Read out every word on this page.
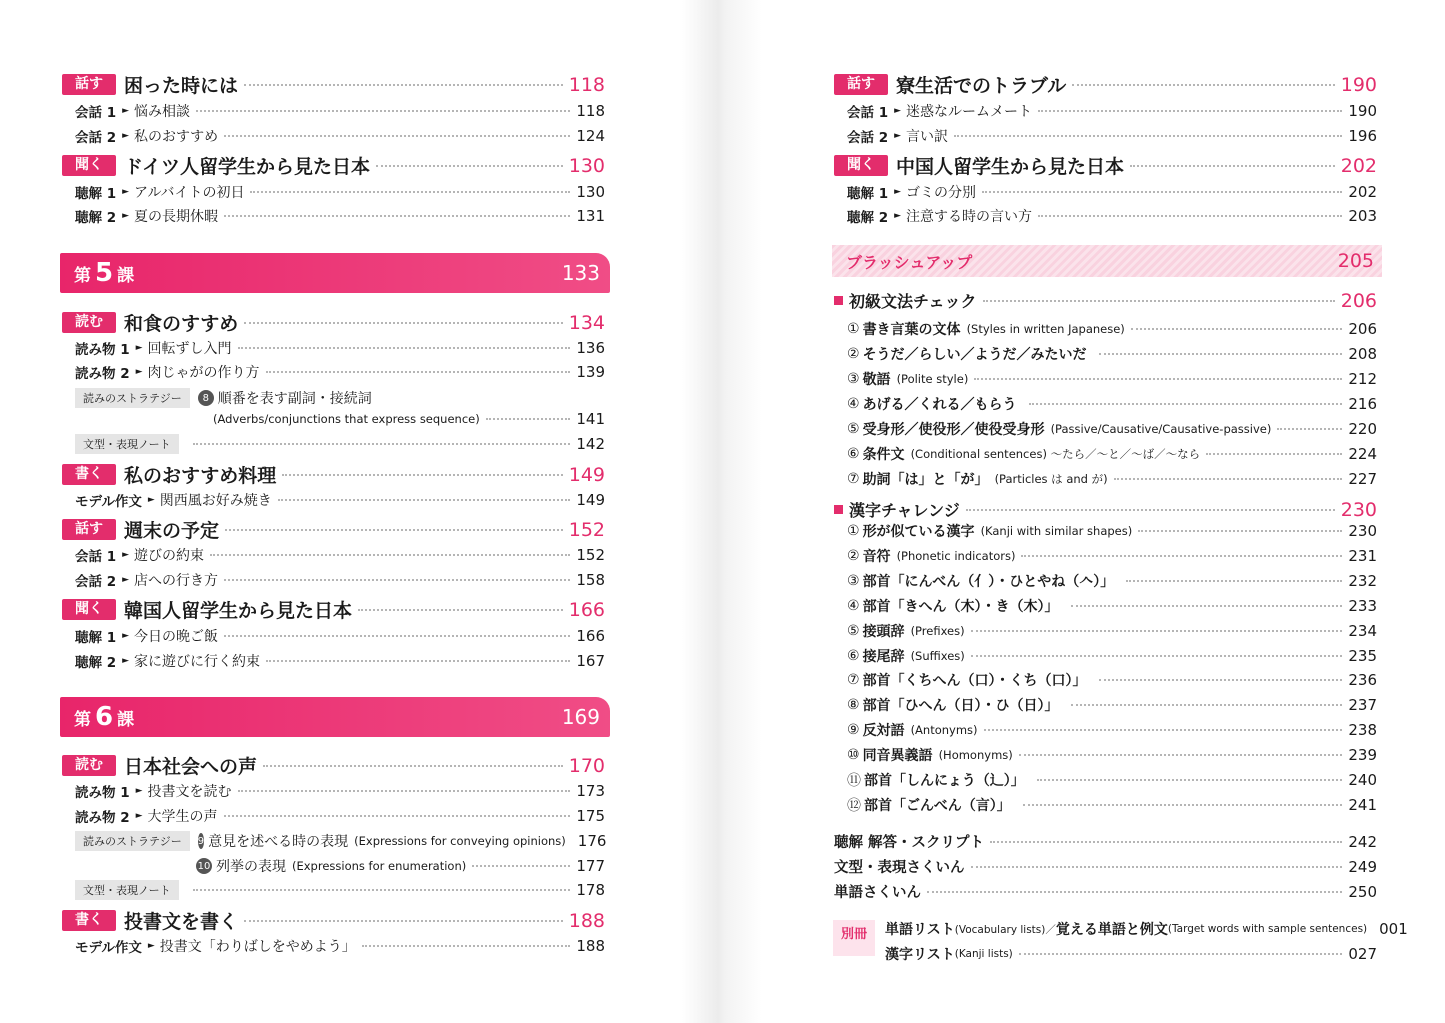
話す	困った時には	118
会話 1 ► 悩み相談	118
会話 2 ► 私のおすすめ	124
聞く	ドイツ人留学生から見た日本	130
聴解 1 ► アルバイトの初日	130
聴解 2 ► 夏の長期休暇	131
第 5 課	133
読む	和食のすすめ	134
読み物 1 ► 回転ずし入門	136
読み物 2 ► 肉じゃがの作り方	139
読みのストラテジー	8 順番を表す副詞・接続詞
(Adverbs/conjunctions that express sequence)	141
文型・表現ノート	142
書く	私のおすすめ料理	149
モデル作文 ► 関西風お好み焼き	149
話す	週末の予定	152
会話 1 ► 遊びの約束	152
会話 2 ► 店への行き方	158
聞く	韓国人留学生から見た日本	166
聴解 1 ► 今日の晩ご飯	166
聴解 2 ► 家に遊びに行く約束	167
第 6 課	169
読む	日本社会への声	170
読み物 1 ► 投書文を読む	173
読み物 2 ► 大学生の声	175
読みのストラテジー	9 意見を述べる時の表現 (Expressions for conveying opinions) 176
10 列挙の表現 (Expressions for enumeration)	177
文型・表現ノート	178
書く	投書文を書く	188
モデル作文 ► 投書文「わりばしをやめよう」	188
話す	寮生活でのトラブル	190
会話 1 ► 迷惑なルームメート	190
会話 2 ► 言い訳	196
聞く	中国人留学生から見た日本	202
聴解 1 ► ゴミの分別	202
聴解 2 ► 注意する時の言い方	203
ブラッシュアップ	205
初級文法チェック	206
① 書き言葉の文体 (Styles in written Japanese)	206
② そうだ／らしい／ようだ／みたいだ	208
③ 敬語 (Polite style)	212
④ あげる／くれる／もらう	216
⑤ 受身形／使役形／使役受身形 (Passive/Causative/Causative-passive)	220
⑥ 条件文 (Conditional sentences) ～たら／～と／～ば／～なら	224
⑦ 助詞「は」と「が」 (Particles は and が)	227
漢字チャレンジ	230
① 形が似ている漢字 (Kanji with similar shapes)	230
② 音符 (Phonetic indicators)	231
③ 部首「にんべん（亻）・ひとやね（𠆢）」	232
④ 部首「きへん（木）・き（木）」	233
⑤ 接頭辞 (Prefixes)	234
⑥ 接尾辞 (Suffixes)	235
⑦ 部首「くちへん（口）・くち（口）」	236
⑧ 部首「ひへん（日）・ひ（日）」	237
⑨ 反対語 (Antonyms)	238
⑩ 同音異義語 (Homonyms)	239
⑪ 部首「しんにょう（辶）」	240
⑫ 部首「ごんべん（言）」	241
聴解 解答・スクリプト	242
文型・表現さくいん	249
単語さくいん	250
別冊	単語リスト (Vocabulary lists)／ 覚える単語と例文 (Target words with sample sentences) 001
漢字リスト (Kanji lists)	027
